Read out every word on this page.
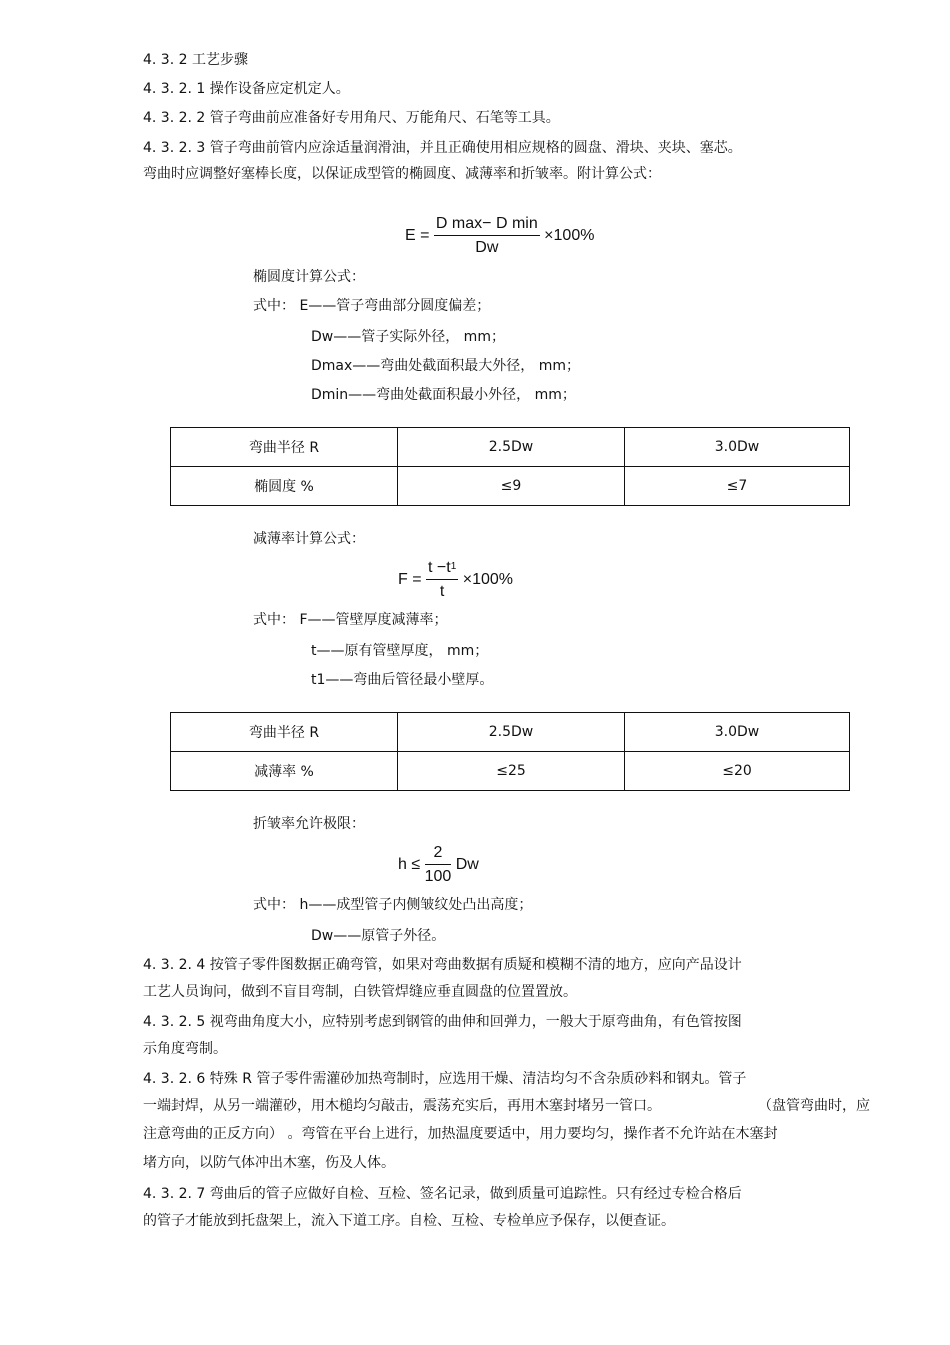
4. 3. 2 工艺步骤
4. 3. 2. 1 操作设备应定机定人。
4. 3. 2. 2 管子弯曲前应准备好专用角尺、万能角尺、石笔等工具。
4. 3. 2. 3 管子弯曲前管内应涂适量润滑油，并且正确使用相应规格的圆盘、滑块、夹块、塞芯。
弯曲时应调整好塞棒长度，以保证成型管的椭圆度、减薄率和折皱率。附计算公式：
$E = \frac{\text{D max− D min}}{Dw} \times 100\%$
椭圆度计算公式：
式中： E——管子弯曲部分圆度偏差；
Dw——管子实际外径， mm；
Dmax——弯曲处截面积最大外径， mm；
Dmin——弯曲处截面积最小外径， mm；
弯曲半径 R	2.5Dw	3.0Dw
椭圆度 %	≤9	≤7
减薄率计算公式：
$F = \frac{t -t^1}{t} \times 100\%$
式中： F——管壁厚度减薄率；
t——原有管壁厚度， mm；
t1——弯曲后管径最小壁厚。
弯曲半径 R	2.5Dw	3.0Dw
减薄率 %	≤25	≤20
折皱率允许极限：
$h \le \frac{2}{100}$ Dw
式中： h——成型管子内侧皱纹处凸出高度；
Dw——原管子外径。
4. 3. 2. 4 按管子零件图数据正确弯管，如果对弯曲数据有质疑和模糊不清的地方，应向产品设计
工艺人员询问，做到不盲目弯制，白铁管焊缝应垂直圆盘的位置置放。
4. 3. 2. 5 视弯曲角度大小，应特别考虑到钢管的曲伸和回弹力，一般大于原弯曲角，有色管按图
示角度弯制。
4. 3. 2. 6 特殊 R 管子零件需灌砂加热弯制时，应选用干燥、清洁均匀不含杂质砂料和钢丸。管子
一端封焊，从另一端灌砂，用木槌均匀敲击，震荡充实后，再用木塞封堵另一管口。	（盘管弯曲时，应
注意弯曲的正反方向） 。弯管在平台上进行，加热温度要适中，用力要均匀，操作者不允许站在木塞封
堵方向，以防气体冲出木塞，伤及人体。
4. 3. 2. 7 弯曲后的管子应做好自检、互检、签名记录，做到质量可追踪性。只有经过专检合格后
的管子才能放到托盘架上，流入下道工序。自检、互检、专检单应予保存，以便查证。
